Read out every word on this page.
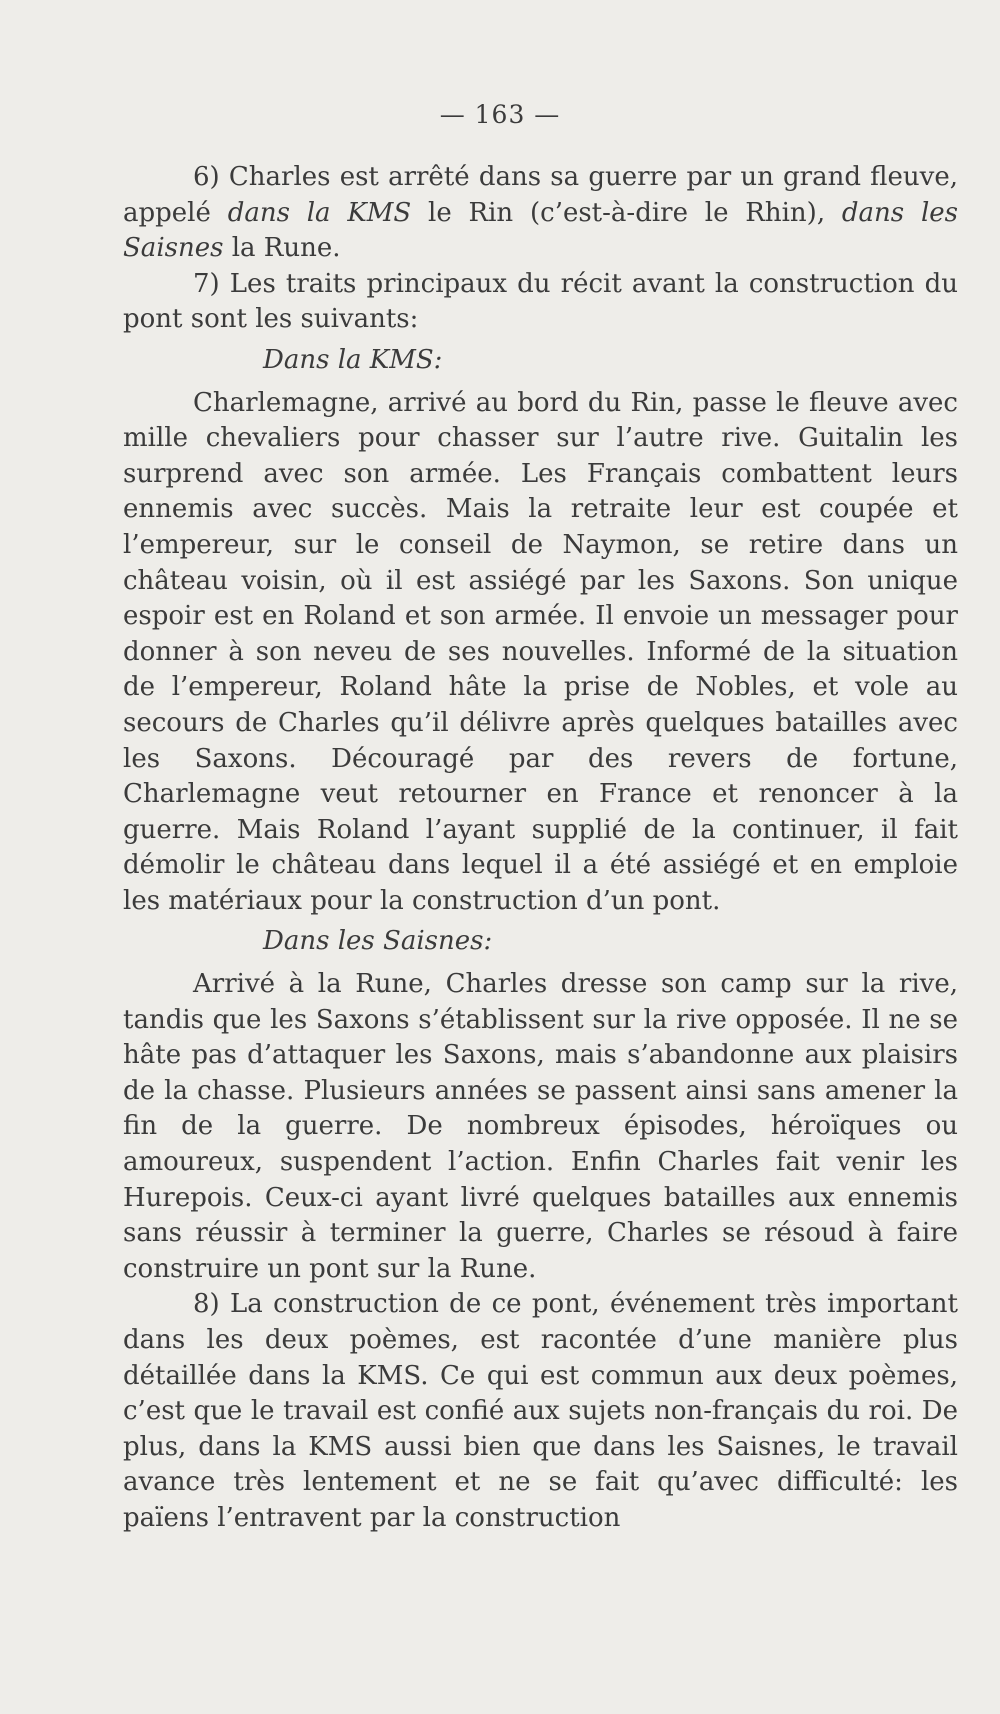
— 163 —

6) Charles est arrêté dans sa guerre par un grand fleuve, appelé dans la KMS le Rin (c’est-à-dire le Rhin), dans les Saisnes la Rune.

7) Les traits principaux du récit avant la construction du pont sont les suivants:

Dans la KMS:

Charlemagne, arrivé au bord du Rin, passe le fleuve avec mille chevaliers pour chasser sur l’autre rive. Guitalin les surprend avec son armée. Les Français combattent leurs ennemis avec succès. Mais la retraite leur est coupée et l’empereur, sur le conseil de Naymon, se retire dans un château voisin, où il est assiégé par les Saxons. Son unique espoir est en Roland et son armée. Il envoie un messager pour donner à son neveu de ses nouvelles. Informé de la situation de l’empereur, Roland hâte la prise de Nobles, et vole au secours de Charles qu’il délivre après quelques batailles avec les Saxons. Découragé par des revers de fortune, Charlemagne veut retourner en France et renoncer à la guerre. Mais Roland l’ayant supplié de la continuer, il fait démolir le château dans lequel il a été assiégé et en emploie les matériaux pour la construction d’un pont.

Dans les Saisnes:

Arrivé à la Rune, Charles dresse son camp sur la rive, tandis que les Saxons s’établissent sur la rive opposée. Il ne se hâte pas d’attaquer les Saxons, mais s’abandonne aux plaisirs de la chasse. Plusieurs années se passent ainsi sans amener la fin de la guerre. De nombreux épisodes, héroïques ou amoureux, suspendent l’action. Enfin Charles fait venir les Hurepois. Ceux-ci ayant livré quelques batailles aux ennemis sans réussir à terminer la guerre, Charles se résoud à faire construire un pont sur la Rune.

8) La construction de ce pont, événement très important dans les deux poèmes, est racontée d’une manière plus détaillée dans la KMS. Ce qui est commun aux deux poèmes, c’est que le travail est confié aux sujets non-français du roi. De plus, dans la KMS aussi bien que dans les Saisnes, le travail avance très lentement et ne se fait qu’avec difficulté: les païens l’entravent par la construction
